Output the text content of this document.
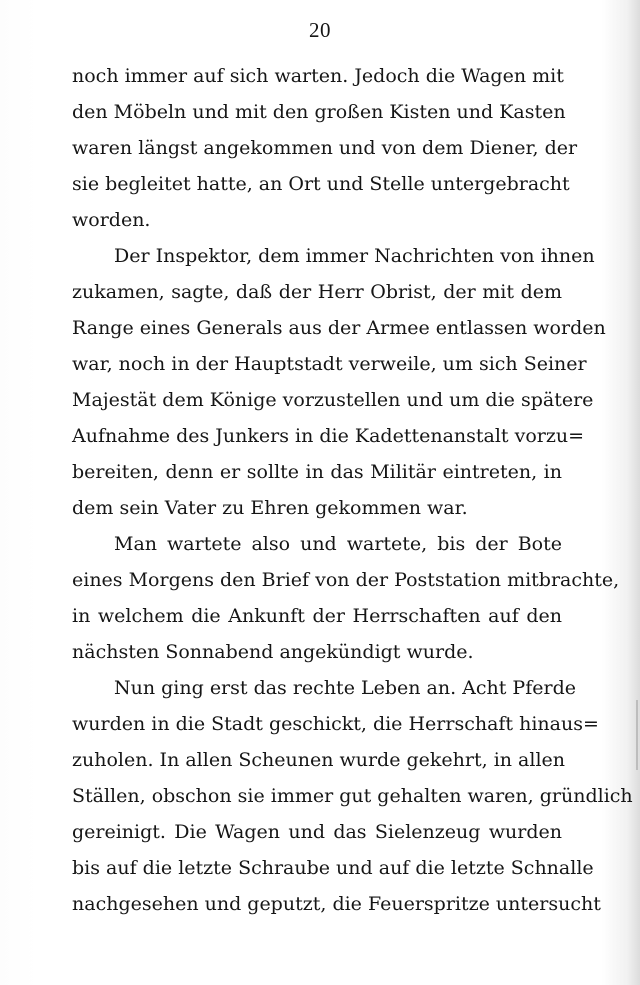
20
noch immer auf sich warten. Jedoch die Wagen mit
den Möbeln und mit den großen Kisten und Kasten
waren längst angekommen und von dem Diener, der
sie begleitet hatte, an Ort und Stelle untergebracht
worden.
Der Inspektor, dem immer Nachrichten von ihnen
zukamen, sagte, daß der Herr Obrist, der mit dem
Range eines Generals aus der Armee entlassen worden
war, noch in der Hauptstadt verweile, um sich Seiner
Majestät dem Könige vorzustellen und um die spätere
Aufnahme des Junkers in die Kadettenanstalt vorzu=
bereiten, denn er sollte in das Militär eintreten, in
dem sein Vater zu Ehren gekommen war.
Man wartete also und wartete, bis der Bote
eines Morgens den Brief von der Poststation mitbrachte,
in welchem die Ankunft der Herrschaften auf den
nächsten Sonnabend angekündigt wurde.
Nun ging erst das rechte Leben an. Acht Pferde
wurden in die Stadt geschickt, die Herrschaft hinaus=
zuholen. In allen Scheunen wurde gekehrt, in allen
Ställen, obschon sie immer gut gehalten waren, gründlich
gereinigt. Die Wagen und das Sielenzeug wurden
bis auf die letzte Schraube und auf die letzte Schnalle
nachgesehen und geputzt, die Feuerspritze untersucht
